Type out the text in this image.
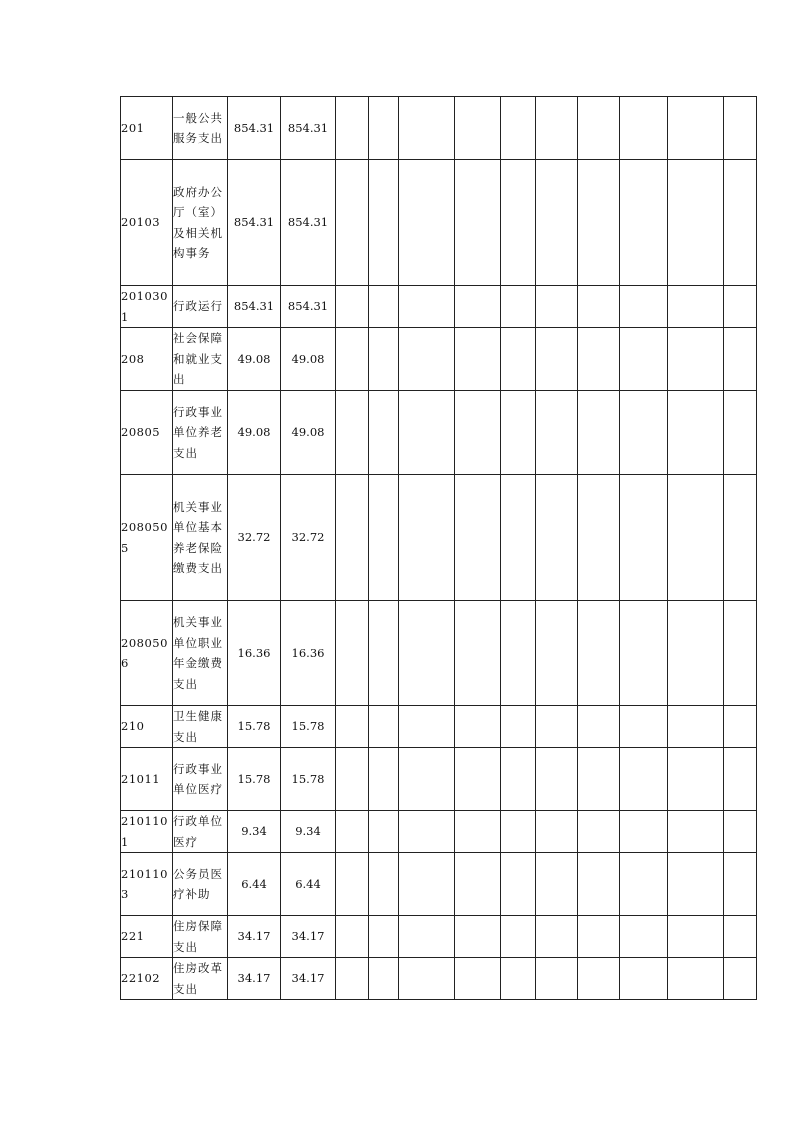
201	一般公共服务支出	854.31	854.31										

20103	政府办公厅（室）及相关机构事务	854.31	854.31										

2010301	行政运行	854.31	854.31										

208	社会保障和就业支出	49.08	49.08										

20805	行政事业单位养老支出	49.08	49.08										

2080505	机关事业单位基本养老保险缴费支出	32.72	32.72										

2080506	机关事业单位职业年金缴费支出	16.36	16.36										

210	卫生健康支出	15.78	15.78										

21011	行政事业单位医疗	15.78	15.78										

2101101	行政单位医疗	9.34	9.34										

2101103	公务员医疗补助	6.44	6.44										

221	住房保障支出	34.17	34.17										

22102	住房改革支出	34.17	34.17										
